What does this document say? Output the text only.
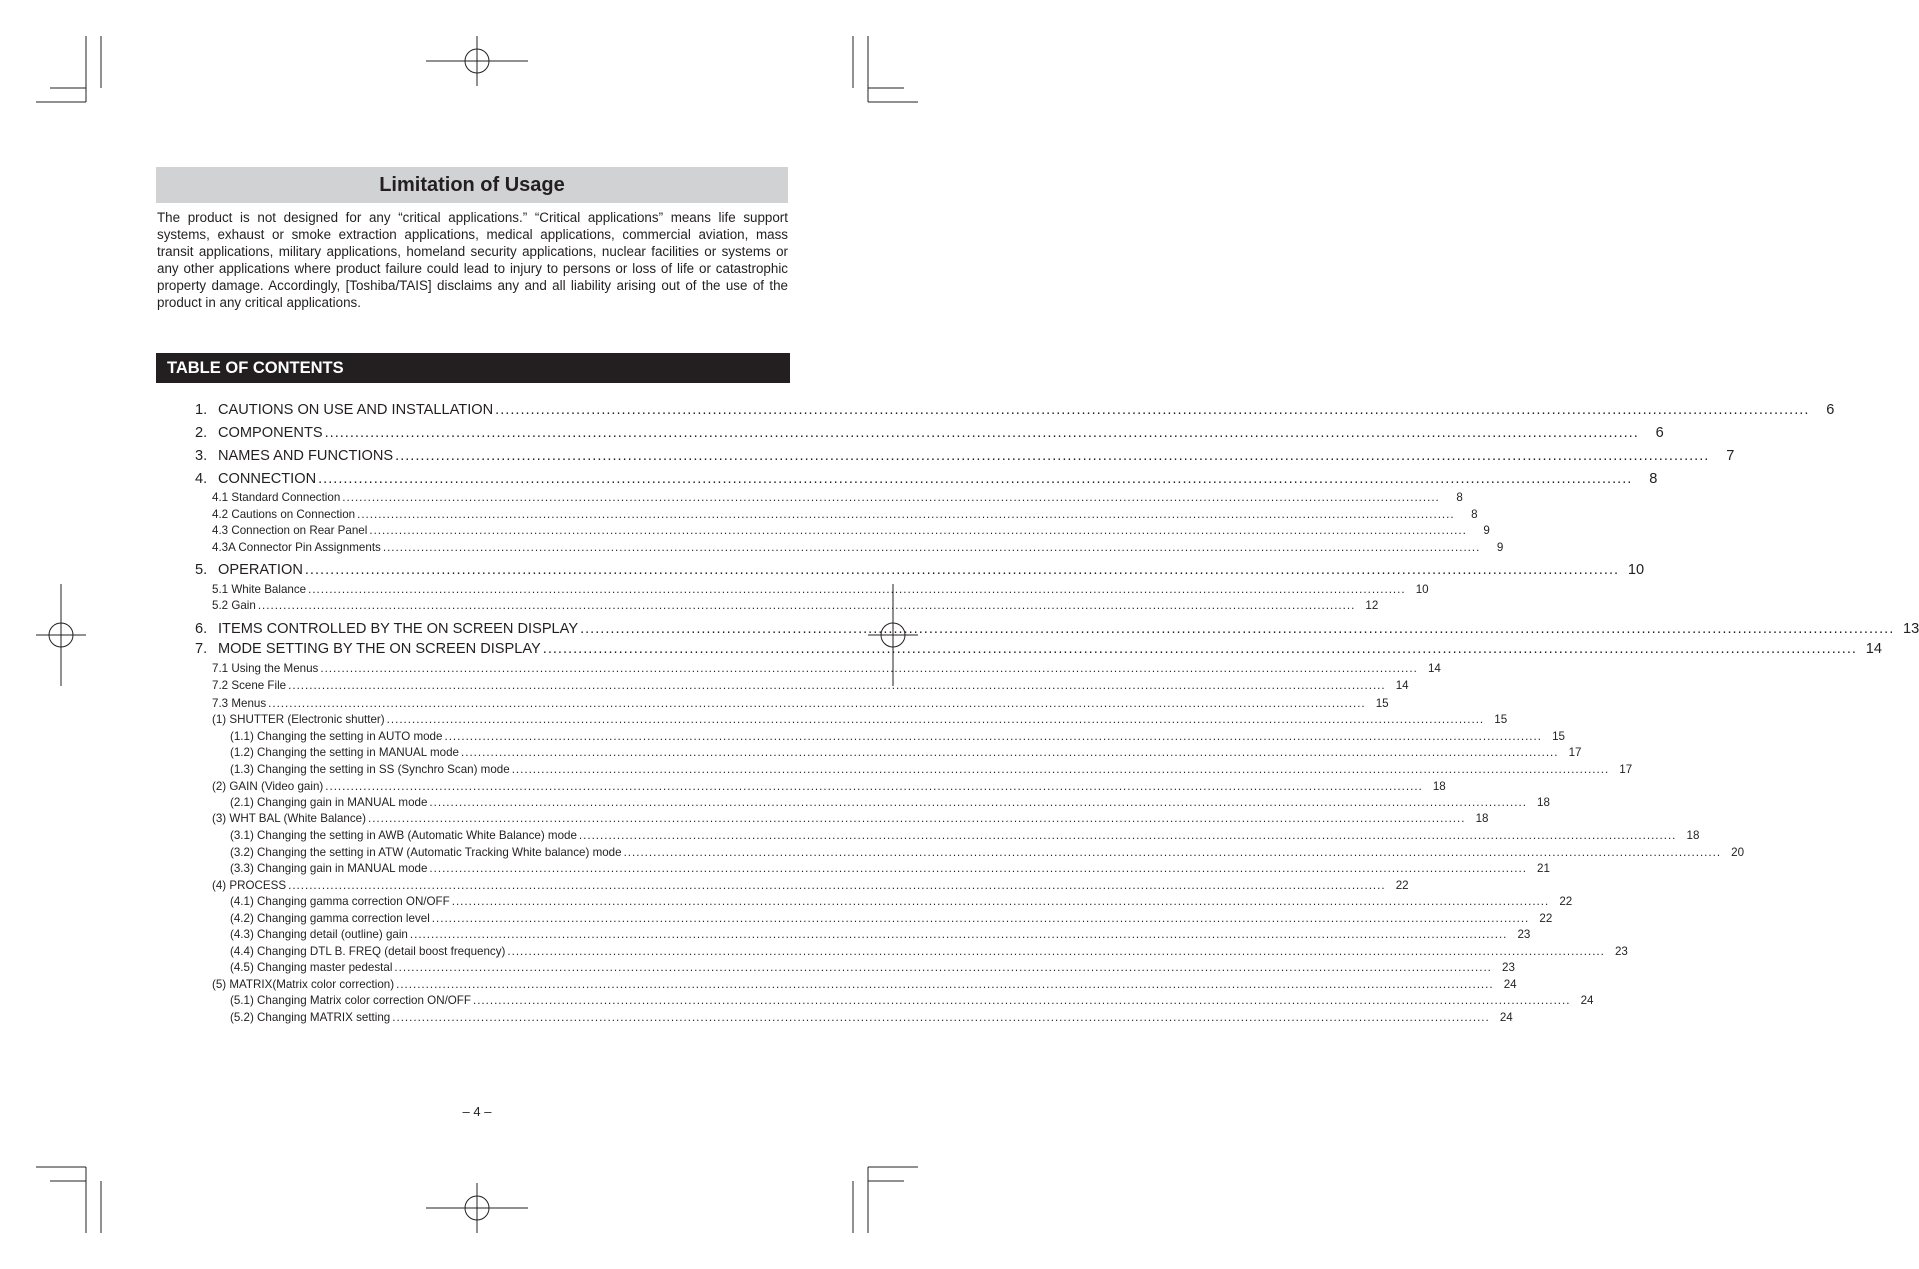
Limitation of Usage

The product is not designed for any “critical applications.” “Critical applications” means life support systems, exhaust or smoke extraction applications, medical applications, commercial aviation, mass transit applications, military applications, homeland security applications, nuclear facilities or systems or any other applications where product failure could lead to injury to persons or loss of life or catastrophic property damage. Accordingly, [Toshiba/TAIS] disclaims any and all liability arising out of the use of the product in any critical applications.

TABLE OF CONTENTS
1. CAUTIONS ON USE AND INSTALLATION ....................................................................................................................................................................................................................................................................	6
2. COMPONENTS ....................................................................................................................................................................................................................................................................	6
3. NAMES AND FUNCTIONS ....................................................................................................................................................................................................................................................................	7
4. CONNECTION ....................................................................................................................................................................................................................................................................	8
4.1 Standard Connection ....................................................................................................................................................................................................................................................................	8
4.2 Cautions on Connection ....................................................................................................................................................................................................................................................................	8
4.3 Connection on Rear Panel ....................................................................................................................................................................................................................................................................	9
4.3A Connector Pin Assignments ....................................................................................................................................................................................................................................................................	9
5. OPERATION .................................................................................................................................................................................................................................................................... 10
5.1 White Balance .................................................................................................................................................................................................................................................................... 10
5.2 Gain .................................................................................................................................................................................................................................................................... 12
6. ITEMS CONTROLLED BY THE ON SCREEN DISPLAY .................................................................................................................................................................................................................................................................... 13
7. MODE SETTING BY THE ON SCREEN DISPLAY .................................................................................................................................................................................................................................................................... 14
7.1 Using the Menus .................................................................................................................................................................................................................................................................... 14
7.2 Scene File .................................................................................................................................................................................................................................................................... 14
7.3 Menus .................................................................................................................................................................................................................................................................... 15
(1) SHUTTER (Electronic shutter) .................................................................................................................................................................................................................................................................... 15
(1.1) Changing the setting in AUTO mode .................................................................................................................................................................................................................................................................... 15
(1.2) Changing the setting in MANUAL mode .................................................................................................................................................................................................................................................................... 17
(1.3) Changing the setting in SS (Synchro Scan) mode .................................................................................................................................................................................................................................................................... 17
(2) GAIN (Video gain) .................................................................................................................................................................................................................................................................... 18
(2.1) Changing gain in MANUAL mode .................................................................................................................................................................................................................................................................... 18
(3) WHT BAL (White Balance) .................................................................................................................................................................................................................................................................... 18
(3.1) Changing the setting in AWB (Automatic White Balance) mode .................................................................................................................................................................................................................................................................... 18
(3.2) Changing the setting in ATW (Automatic Tracking White balance) mode .................................................................................................................................................................................................................................................................... 20
(3.3) Changing gain in MANUAL mode .................................................................................................................................................................................................................................................................... 21
(4) PROCESS .................................................................................................................................................................................................................................................................... 22
(4.1) Changing gamma correction ON/OFF .................................................................................................................................................................................................................................................................... 22
(4.2) Changing gamma correction level .................................................................................................................................................................................................................................................................... 22
(4.3) Changing detail (outline) gain .................................................................................................................................................................................................................................................................... 23
(4.4) Changing DTL B. FREQ (detail boost frequency) .................................................................................................................................................................................................................................................................... 23
(4.5) Changing master pedestal .................................................................................................................................................................................................................................................................... 23
(5) MATRIX(Matrix color correction) .................................................................................................................................................................................................................................................................... 24
(5.1) Changing Matrix color correction ON/OFF .................................................................................................................................................................................................................................................................... 24
(5.2) Changing MATRIX setting .................................................................................................................................................................................................................................................................... 24
– 4 –
